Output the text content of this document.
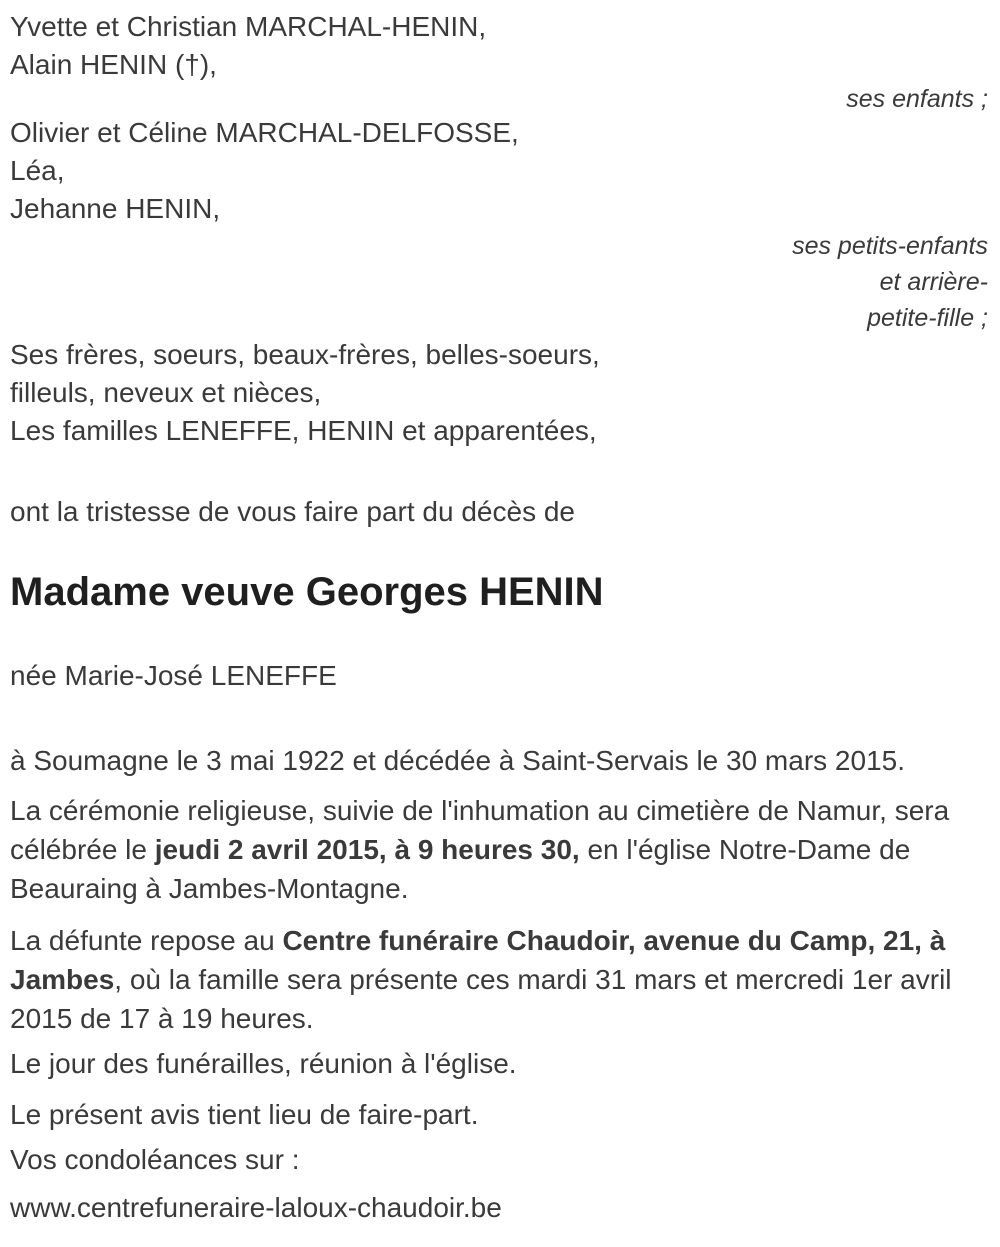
Yvette et Christian MARCHAL-HENIN,
Alain HENIN (†),
ses enfants ;
Olivier et Céline MARCHAL-DELFOSSE,
Léa,
Jehanne HENIN,
ses petits-enfants
et arrière-
petite-fille ;
Ses frères, soeurs, beaux-frères, belles-soeurs,
filleuls, neveux et nièces,
Les familles LENEFFE, HENIN et apparentées,
ont la tristesse de vous faire part du décès de
Madame veuve Georges HENIN
née Marie-José LENEFFE
à Soumagne le 3 mai 1922 et décédée à Saint-Servais le 30 mars 2015.

La cérémonie religieuse, suivie de l'inhumation au cimetière de Namur, sera célébrée le jeudi 2 avril 2015, à 9 heures 30, en l'église Notre-Dame de Beauraing à Jambes-Montagne.

La défunte repose au Centre funéraire Chaudoir, avenue du Camp, 21, à Jambes, où la famille sera présente ces mardi 31 mars et mercredi 1er avril 2015 de 17 à 19 heures.

Le jour des funérailles, réunion à l'église.
Le présent avis tient lieu de faire-part.
Vos condoléances sur :
www.centrefuneraire-laloux-chaudoir.be
